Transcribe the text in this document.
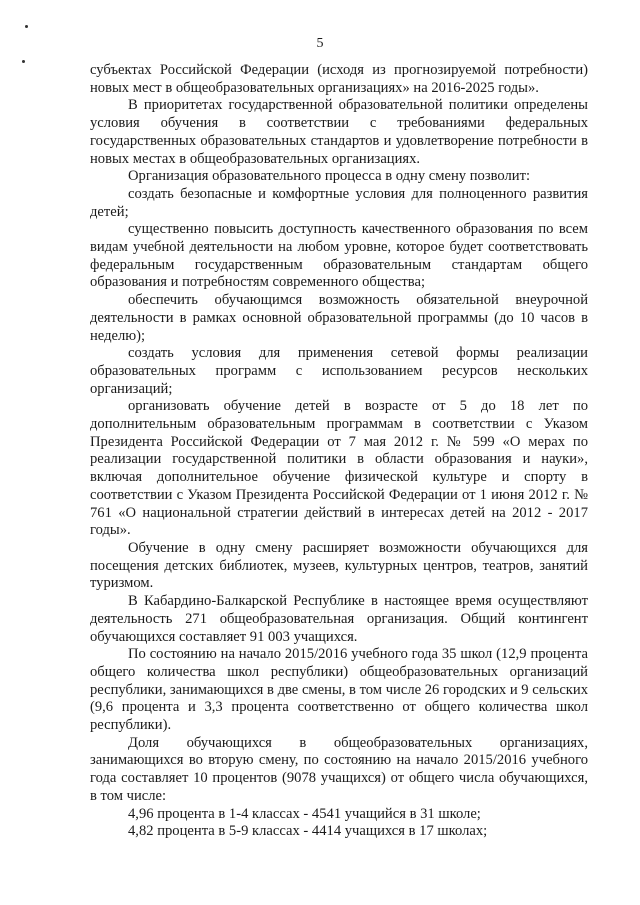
5

субъектах Российской Федерации (исходя из прогнозируемой потребности) новых мест в общеобразовательных организациях» на 2016-2025 годы».

В приоритетах государственной образовательной политики определены условия обучения в соответствии с требованиями федеральных государственных образовательных стандартов и удовлетворение потребности в новых местах в общеобразовательных организациях.

Организация образовательного процесса в одну смену позволит:

создать безопасные и комфортные условия для полноценного развития детей;

существенно повысить доступность качественного образования по всем видам учебной деятельности на любом уровне, которое будет соответствовать федеральным государственным образовательным стандартам общего образования и потребностям современного общества;

обеспечить обучающимся возможность обязательной внеурочной деятельности в рамках основной образовательной программы (до 10 часов в неделю);

создать условия для применения сетевой формы реализации образовательных программ с использованием ресурсов нескольких организаций;

организовать обучение детей в возрасте от 5 до 18 лет по дополнительным образовательным программам в соответствии с Указом Президента Российской Федерации от 7 мая 2012 г. № 599 «О мерах по реализации государственной политики в области образования и науки», включая дополнительное обучение физической культуре и спорту в соответствии с Указом Президента Российской Федерации от 1 июня 2012 г. № 761 «О национальной стратегии действий в интересах детей на 2012 - 2017 годы».

Обучение в одну смену расширяет возможности обучающихся для посещения детских библиотек, музеев, культурных центров, театров, занятий туризмом.

В Кабардино-Балкарской Республике в настоящее время осуществляют деятельность 271 общеобразовательная организация. Общий контингент обучающихся составляет 91 003 учащихся.

По состоянию на начало 2015/2016 учебного года 35 школ (12,9 процента общего количества школ республики) общеобразовательных организаций республики, занимающихся в две смены, в том числе 26 городских и 9 сельских (9,6 процента и 3,3 процента соответственно от общего количества школ республики).

Доля обучающихся в общеобразовательных организациях, занимающихся во вторую смену, по состоянию на начало 2015/2016 учебного года составляет 10 процентов (9078 учащихся) от общего числа обучающихся, в том числе:

4,96 процента в 1-4 классах - 4541 учащийся в 31 школе;

4,82 процента в 5-9 классах - 4414 учащихся в 17 школах;
